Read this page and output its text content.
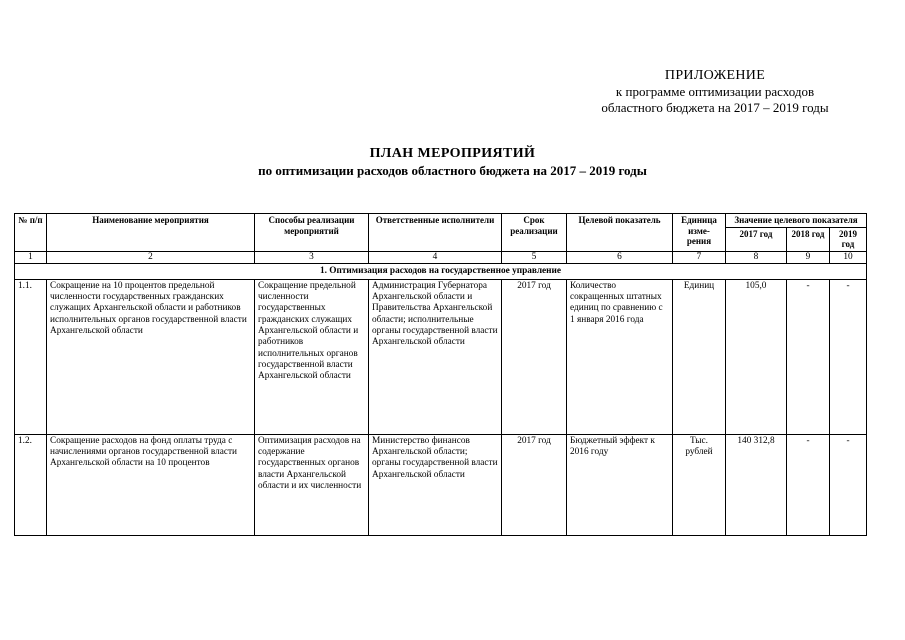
ПРИЛОЖЕНИЕ
к программе оптимизации расходов
областного бюджета на 2017 – 2019 годы
ПЛАН МЕРОПРИЯТИЙ
по оптимизации расходов областного бюджета на 2017 – 2019 годы
№ п/п	Наименование мероприятия	Способы реализации мероприятий	Ответственные исполнители	Срок реализации	Целевой показатель	Единица изме-рения	Значение целевого показателя		
							2017 год	2018 год	2019 год
1	2	3	4	5	6	7	8	9	10
1. Оптимизация расходов на государственное управление									
1.1.	Сокращение на 10 процентов предельной численности государственных гражданских служащих Архангельской области и работников исполнительных органов государственной власти Архангельской области	Сокращение предельной численности государственных гражданских служащих Архангельской области и работников исполнительных органов государственной власти Архангельской области	Администрация Губернатора Архангельской области и Правительства Архангельской области; исполнительные органы государственной власти Архангельской области	2017 год	Количество сокращенных штатных единиц по сравнению с 1 января 2016 года	Единиц	105,0	-	-
1.2.	Сокращение расходов на фонд оплаты труда с начислениями органов государственной власти Архангельской области на 10 процентов	Оптимизация расходов на содержание государственных органов власти Архангельской области и их численности	Министерство финансов Архангельской области; органы государственной власти Архангельской области	2017 год	Бюджетный эффект к 2016 году	Тыс. рублей	140 312,8	-	-
